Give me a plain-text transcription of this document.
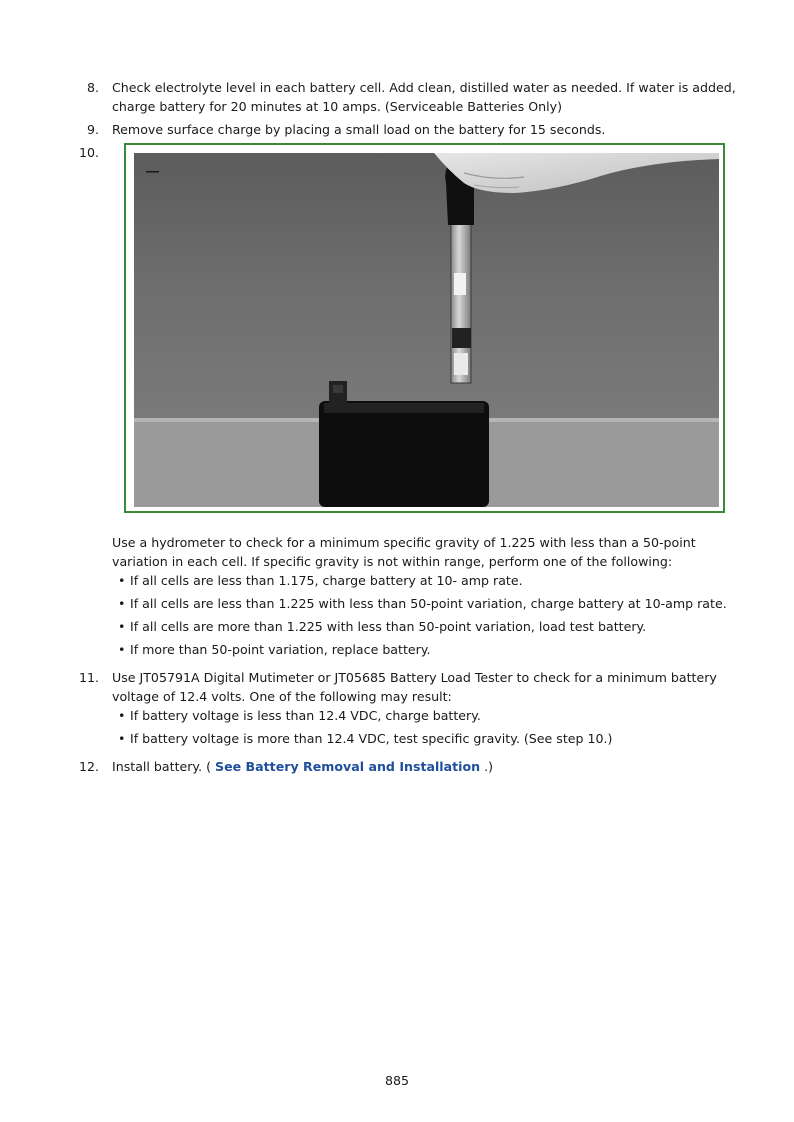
8. Check electrolyte level in each battery cell. Add clean, distilled water as needed. If water is added,
charge battery for 20 minutes at 10 amps. (Serviceable Batteries Only)
9. Remove surface charge by placing a small load on the battery for 15 seconds.
10.
Use a hydrometer to check for a minimum specific gravity of 1.225 with less than a 50-point
variation in each cell. If specific gravity is not within range, perform one of the following:
• If all cells are less than 1.175, charge battery at 10- amp rate.
• If all cells are less than 1.225 with less than 50-point variation, charge battery at 10-amp rate.
• If all cells are more than 1.225 with less than 50-point variation, load test battery.
• If more than 50-point variation, replace battery.
11. Use JT05791A Digital Mutimeter or JT05685 Battery Load Tester to check for a minimum battery
voltage of 12.4 volts. One of the following may result:
• If battery voltage is less than 12.4 VDC, charge battery.
• If battery voltage is more than 12.4 VDC, test specific gravity. (See step 10.)
12. Install battery. ( See Battery Removal and Installation .)
885
